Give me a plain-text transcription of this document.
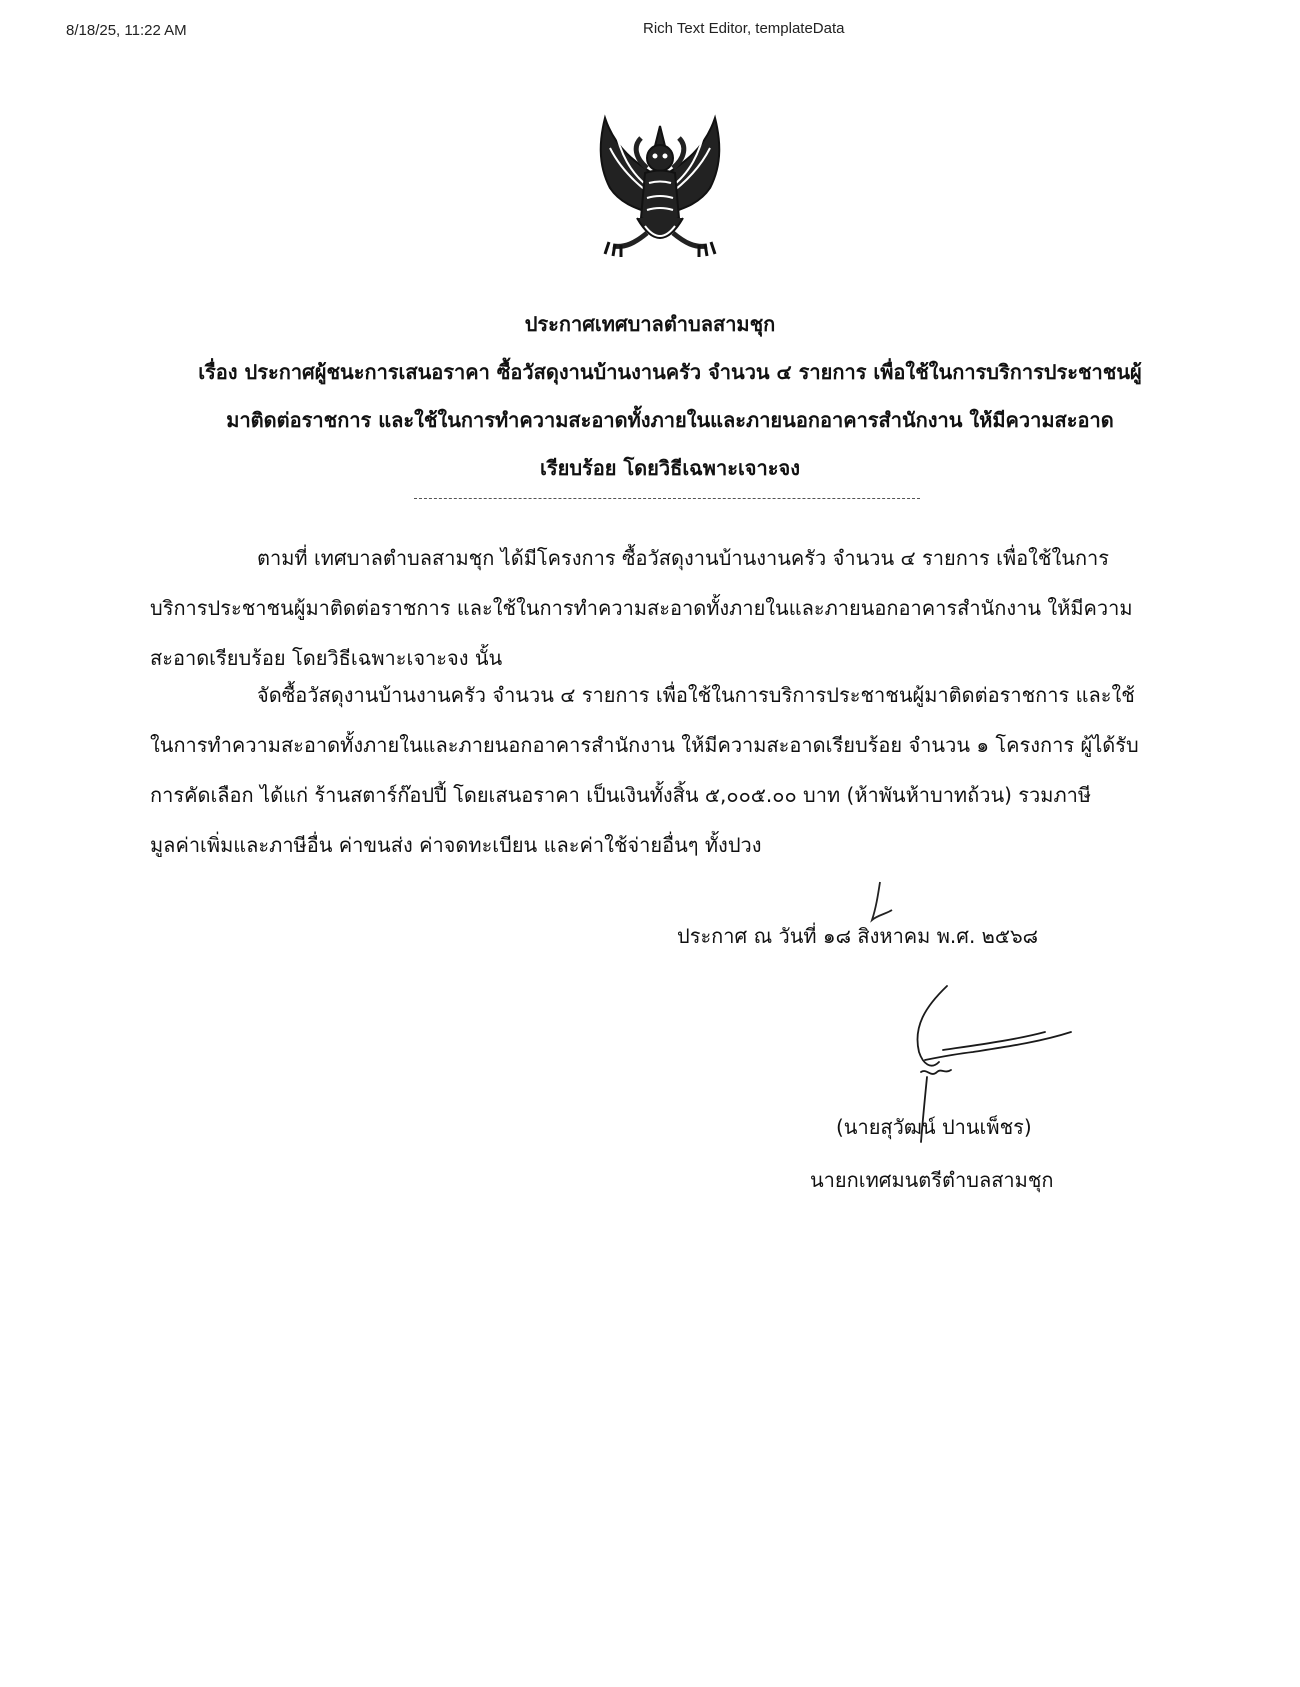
8/18/25, 11:22 AM	Rich Text Editor, templateData
ประกาศเทศบาลตำบลสามชุก
เรื่อง ประกาศผู้ชนะการเสนอราคา ซื้อวัสดุงานบ้านงานครัว จำนวน ๔ รายการ เพื่อใช้ในการบริการประชาชนผู้
มาติดต่อราชการ และใช้ในการทำความสะอาดทั้งภายในและภายนอกอาคารสำนักงาน ให้มีความสะอาด
เรียบร้อย โดยวิธีเฉพาะเจาะจง
ตามที่ เทศบาลตำบลสามชุก ได้มีโครงการ ซื้อวัสดุงานบ้านงานครัว จำนวน ๔ รายการ เพื่อใช้ในการ
บริการประชาชนผู้มาติดต่อราชการ และใช้ในการทำความสะอาดทั้งภายในและภายนอกอาคารสำนักงาน ให้มีความ
สะอาดเรียบร้อย โดยวิธีเฉพาะเจาะจง นั้น
จัดซื้อวัสดุงานบ้านงานครัว จำนวน ๔ รายการ เพื่อใช้ในการบริการประชาชนผู้มาติดต่อราชการ และใช้
ในการทำความสะอาดทั้งภายในและภายนอกอาคารสำนักงาน ให้มีความสะอาดเรียบร้อย จำนวน ๑ โครงการ ผู้ได้รับ
การคัดเลือก ได้แก่ ร้านสตาร์ก๊อปปี้ โดยเสนอราคา เป็นเงินทั้งสิ้น ๕,๐๐๕.๐๐ บาท (ห้าพันห้าบาทถ้วน) รวมภาษี
มูลค่าเพิ่มและภาษีอื่น ค่าขนส่ง ค่าจดทะเบียน และค่าใช้จ่ายอื่นๆ ทั้งปวง
ประกาศ ณ วันที่ ๑๘ สิงหาคม พ.ศ. ๒๕๖๘
(นายสุวัฒน์ ปานเพ็ชร)
นายกเทศมนตรีตำบลสามชุก
